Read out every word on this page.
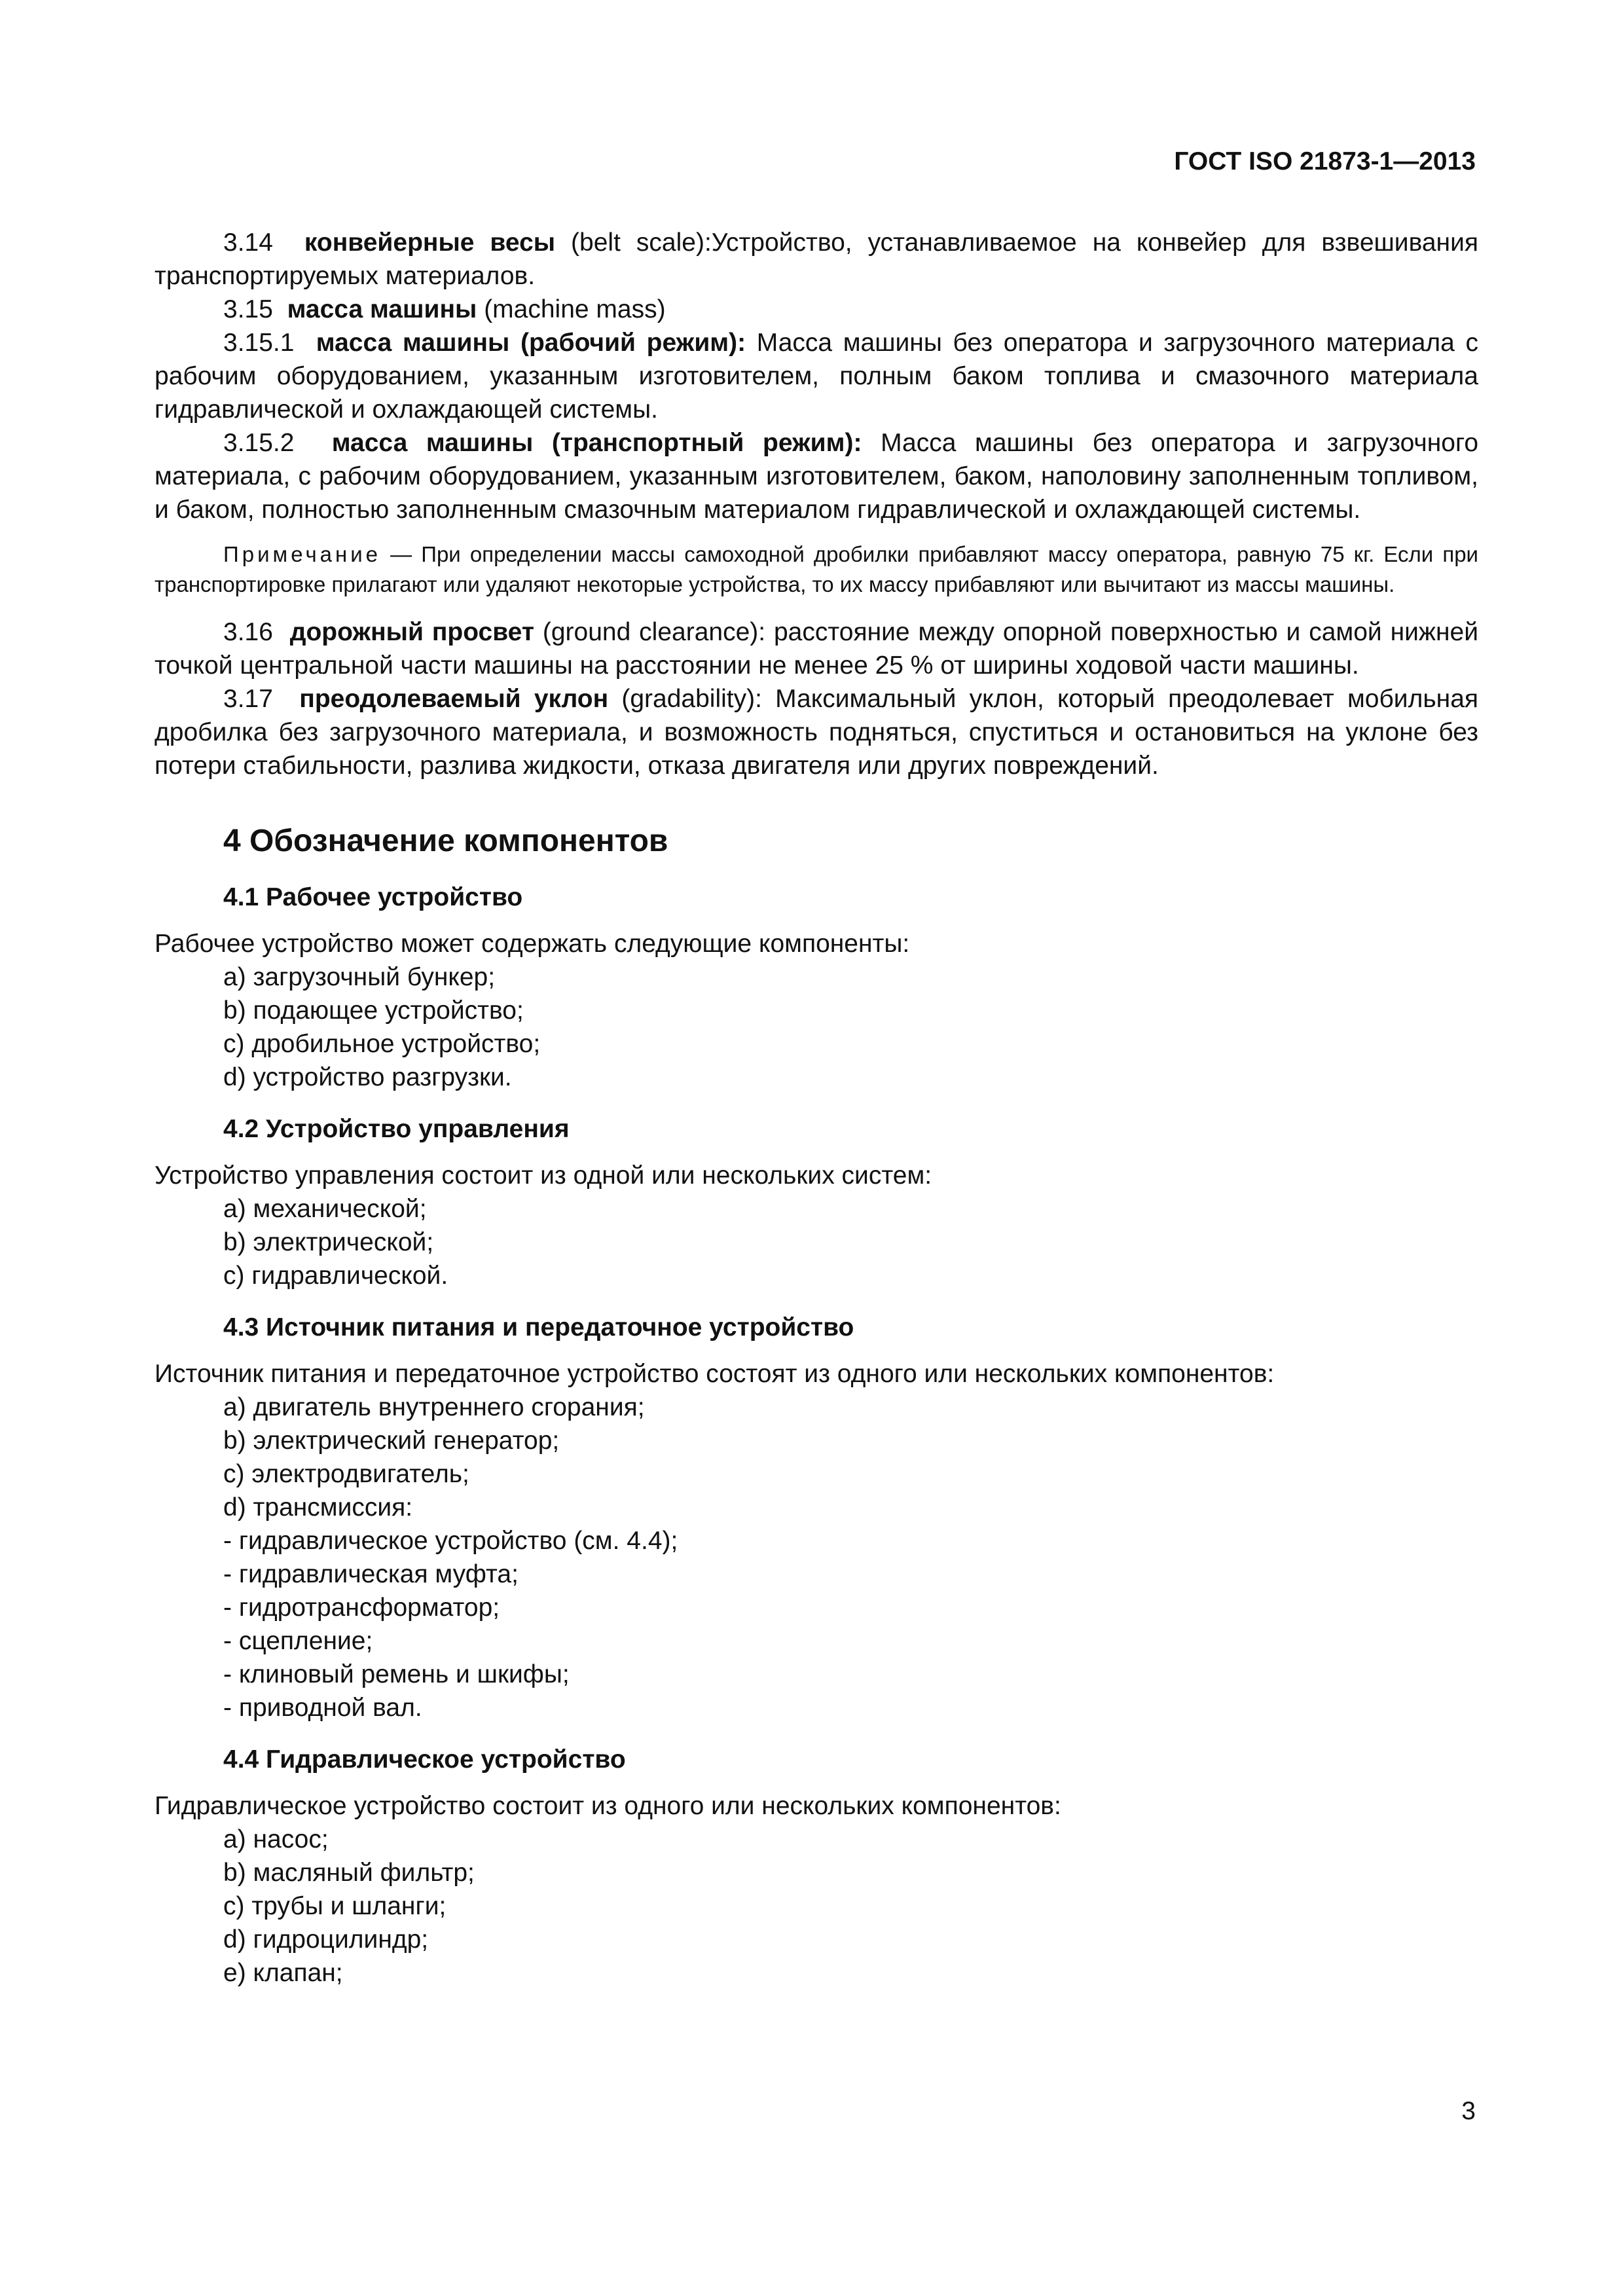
ГОСТ ISO 21873-1—2013

3.14 конвейерные весы (belt scale):Устройство, устанавливаемое на конвейер для взвешивания транспортируемых материалов.

3.15 масса машины (machine mass)

3.15.1 масса машины (рабочий режим): Масса машины без оператора и загрузочного материала с рабочим оборудованием, указанным изготовителем, полным баком топлива и смазочного материала гидравлической и охлаждающей системы.

3.15.2 масса машины (транспортный режим): Масса машины без оператора и загрузочного материала, с рабочим оборудованием, указанным изготовителем, баком, наполовину заполненным топливом, и баком, полностью заполненным смазочным материалом гидравлической и охлаждающей системы.

Примечание — При определении массы самоходной дробилки прибавляют массу оператора, равную 75 кг. Если при транспортировке прилагают или удаляют некоторые устройства, то их массу прибавляют или вычитают из массы машины.

3.16 дорожный просвет (ground clearance): расстояние между опорной поверхностью и самой нижней точкой центральной части машины на расстоянии не менее 25 % от ширины ходовой части машины.

3.17 преодолеваемый уклон (gradability): Максимальный уклон, который преодолевает мобильная дробилка без загрузочного материала, и возможность подняться, спуститься и остановиться на уклоне без потери стабильности, разлива жидкости, отказа двигателя или других повреждений.

4 Обозначение компонентов
4.1 Рабочее устройство

Рабочее устройство может содержать следующие компоненты:

a) загрузочный бункер;
b) подающее устройство;
c) дробильное устройство;
d) устройство разгрузки.
4.2 Устройство управления

Устройство управления состоит из одной или нескольких систем:

a) механической;
b) электрической;
c) гидравлической.
4.3 Источник питания и передаточное устройство

Источник питания и передаточное устройство состоят из одного или нескольких компонентов:

a) двигатель внутреннего сгорания;
b) электрический генератор;
c) электродвигатель;
d) трансмиссия:
- гидравлическое устройство (см. 4.4);
- гидравлическая муфта;
- гидротрансформатор;
- сцепление;
- клиновый ремень и шкифы;
- приводной вал.
4.4 Гидравлическое устройство

Гидравлическое устройство состоит из одного или нескольких компонентов:

a) насос;
b) масляный фильтр;
c) трубы и шланги;
d) гидроцилиндр;
e) клапан;
3
